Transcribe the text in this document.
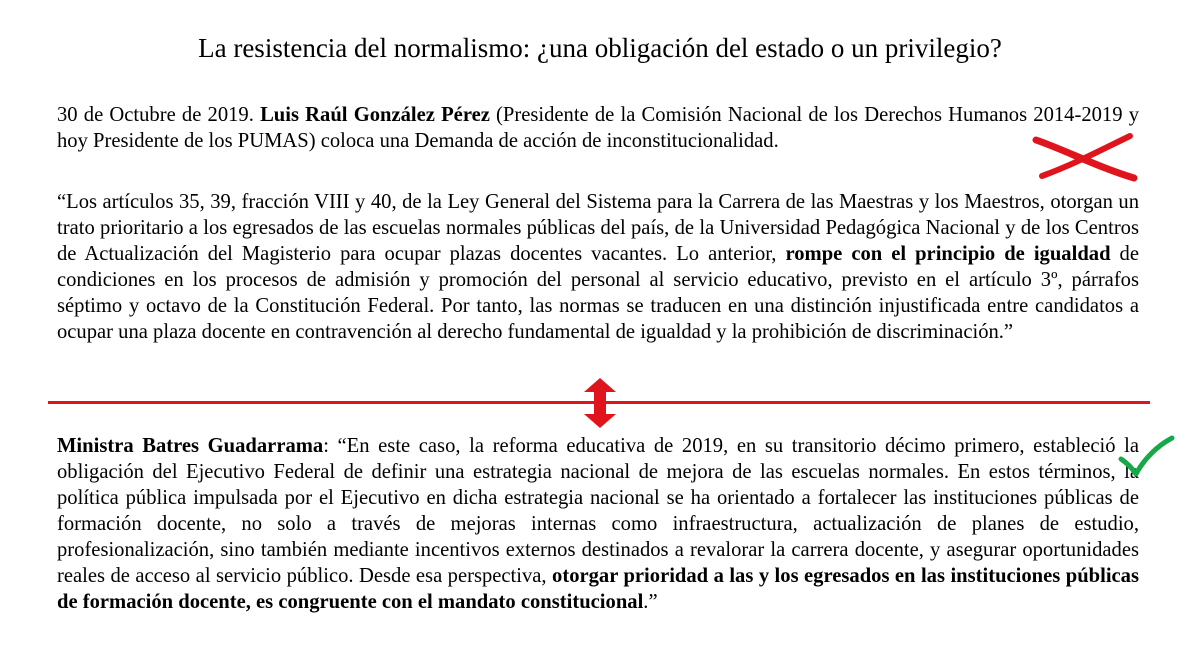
La resistencia del normalismo: ¿una obligación del estado o un privilegio?
30 de Octubre de 2019. Luis Raúl González Pérez (Presidente de la Comisión Nacional de los Derechos Humanos 2014-2019 y hoy Presidente de los PUMAS) coloca una Demanda de acción de inconstitucionalidad.
“Los artículos 35, 39, fracción VIII y 40, de la Ley General del Sistema para la Carrera de las Maestras y los Maestros, otorgan un trato prioritario a los egresados de las escuelas normales públicas del país, de la Universidad Pedagógica Nacional y de los Centros de Actualización del Magisterio para ocupar plazas docentes vacantes. Lo anterior, rompe con el principio de igualdad de condiciones en los procesos de admisión y promoción del personal al servicio educativo, previsto en el artículo 3º, párrafos séptimo y octavo de la Constitución Federal. Por tanto, las normas se traducen en una distinción injustificada entre candidatos a ocupar una plaza docente en contravención al derecho fundamental de igualdad y la prohibición de discriminación.”
Ministra Batres Guadarrama: “En este caso, la reforma educativa de 2019, en su transitorio décimo primero, estableció la obligación del Ejecutivo Federal de definir una estrategia nacional de mejora de las escuelas normales. En estos términos, la política pública impulsada por el Ejecutivo en dicha estrategia nacional se ha orientado a fortalecer las instituciones públicas de formación docente, no solo a través de mejoras internas como infraestructura, actualización de planes de estudio, profesionalización, sino también mediante incentivos externos destinados a revalorar la carrera docente, y asegurar oportunidades reales de acceso al servicio público. Desde esa perspectiva, otorgar prioridad a las y los egresados en las instituciones públicas de formación docente, es congruente con el mandato constitucional.”
